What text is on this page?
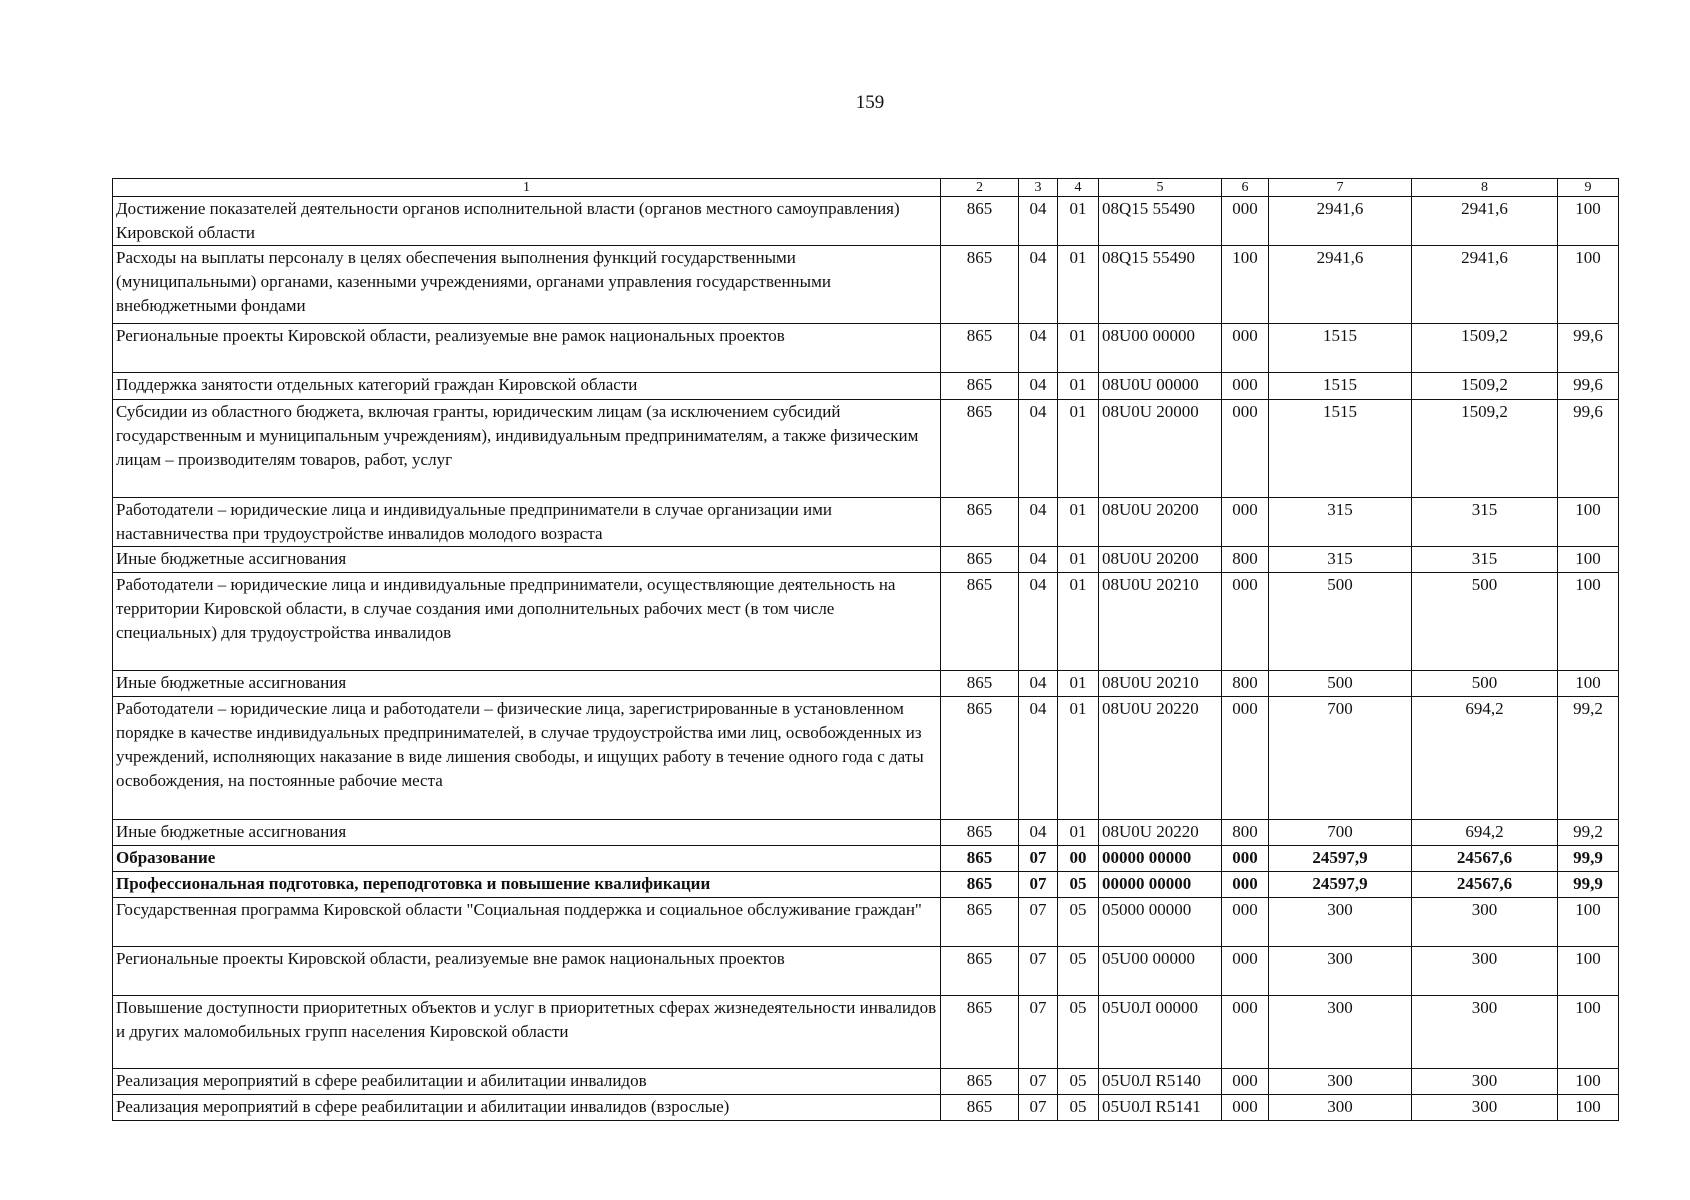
159
1	2	3	4	5	6	7	8	9
Достижение показателей деятельности органов исполнительной власти (органов местного самоуправления) Кировской области	865	04	01	08Q15 55490	000	2941,6	2941,6	100
Расходы на выплаты персоналу в целях обеспечения выполнения функций государственными (муниципальными) органами, казенными учреждениями, органами управления государственными внебюджетными фондами	865	04	01	08Q15 55490	100	2941,6	2941,6	100
Региональные проекты Кировской области, реализуемые вне рамок национальных проектов	865	04	01	08U00 00000	000	1515	1509,2	99,6
Поддержка занятости отдельных категорий граждан Кировской области	865	04	01	08U0U 00000	000	1515	1509,2	99,6
Субсидии из областного бюджета, включая гранты, юридическим лицам (за исключением субсидий государственным и муниципальным учреждениям), индивидуальным предпринимателям, а также физическим лицам – производителям товаров, работ, услуг	865	04	01	08U0U 20000	000	1515	1509,2	99,6
Работодатели – юридические лица и индивидуальные предприниматели в случае организации ими наставничества при трудоустройстве инвалидов молодого возраста	865	04	01	08U0U 20200	000	315	315	100
Иные бюджетные ассигнования	865	04	01	08U0U 20200	800	315	315	100
Работодатели – юридические лица и индивидуальные предприниматели, осуществляющие деятельность на территории Кировской области, в случае создания ими дополнительных рабочих мест (в том числе специальных) для трудоустройства инвалидов	865	04	01	08U0U 20210	000	500	500	100
Иные бюджетные ассигнования	865	04	01	08U0U 20210	800	500	500	100
Работодатели – юридические лица и работодатели – физические лица, зарегистрированные в установленном порядке в качестве индивидуальных предпринимателей, в случае трудоустройства ими лиц, освобожденных из учреждений, исполняющих наказание в виде лишения свободы, и ищущих работу в течение одного года с даты освобождения, на постоянные рабочие места	865	04	01	08U0U 20220	000	700	694,2	99,2
Иные бюджетные ассигнования	865	04	01	08U0U 20220	800	700	694,2	99,2
Образование	865	07	00	00000 00000	000	24597,9	24567,6	99,9
Профессиональная подготовка, переподготовка и повышение квалификации	865	07	05	00000 00000	000	24597,9	24567,6	99,9
Государственная программа Кировской области "Социальная поддержка и социальное обслуживание граждан"	865	07	05	05000 00000	000	300	300	100
Региональные проекты Кировской области, реализуемые вне рамок национальных проектов	865	07	05	05U00 00000	000	300	300	100
Повышение доступности приоритетных объектов и услуг в приоритетных сферах жизнедеятельности инвалидов и других маломобильных групп населения Кировской области	865	07	05	05U0Л 00000	000	300	300	100
Реализация мероприятий в сфере реабилитации и абилитации инвалидов	865	07	05	05U0Л R5140	000	300	300	100
Реализация мероприятий в сфере реабилитации и абилитации инвалидов (взрослые)	865	07	05	05U0Л R5141	000	300	300	100
